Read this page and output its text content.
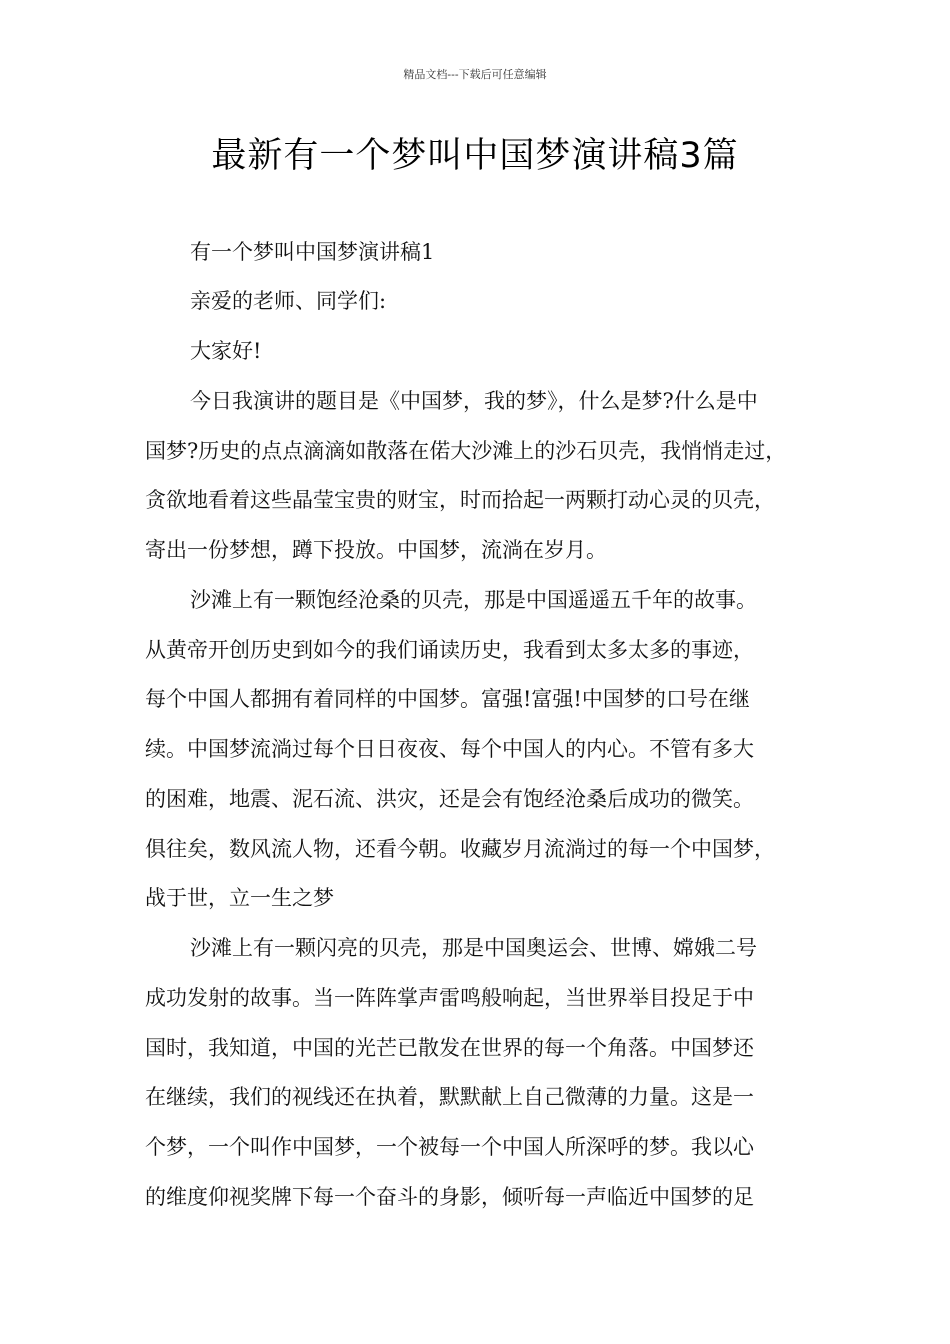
精品文档---下载后可任意编辑
最新有一个梦叫中国梦演讲稿3篇
有一个梦叫中国梦演讲稿1
亲爱的老师、同学们:
大家好!
今日我演讲的题目是《中国梦，我的梦》，什么是梦?什么是中
国梦?历史的点点滴滴如散落在偌大沙滩上的沙石贝壳，我悄悄走过，
贪欲地看着这些晶莹宝贵的财宝，时而拾起一两颗打动心灵的贝壳，
寄出一份梦想，蹲下投放。中国梦，流淌在岁月。
沙滩上有一颗饱经沧桑的贝壳，那是中国遥遥五千年的故事。
从黄帝开创历史到如今的我们诵读历史，我看到太多太多的事迹，
每个中国人都拥有着同样的中国梦。富强!富强!中国梦的口号在继
续。中国梦流淌过每个日日夜夜、每个中国人的内心。不管有多大
的困难，地震、泥石流、洪灾，还是会有饱经沧桑后成功的微笑。
俱往矣，数风流人物，还看今朝。收藏岁月流淌过的每一个中国梦，
战于世，立一生之梦
沙滩上有一颗闪亮的贝壳，那是中国奥运会、世博、嫦娥二号
成功发射的故事。当一阵阵掌声雷鸣般响起，当世界举目投足于中
国时，我知道，中国的光芒已散发在世界的每一个角落。中国梦还
在继续，我们的视线还在执着，默默献上自己微薄的力量。这是一
个梦，一个叫作中国梦，一个被每一个中国人所深呼的梦。我以心
的维度仰视奖牌下每一个奋斗的身影，倾听每一声临近中国梦的足
